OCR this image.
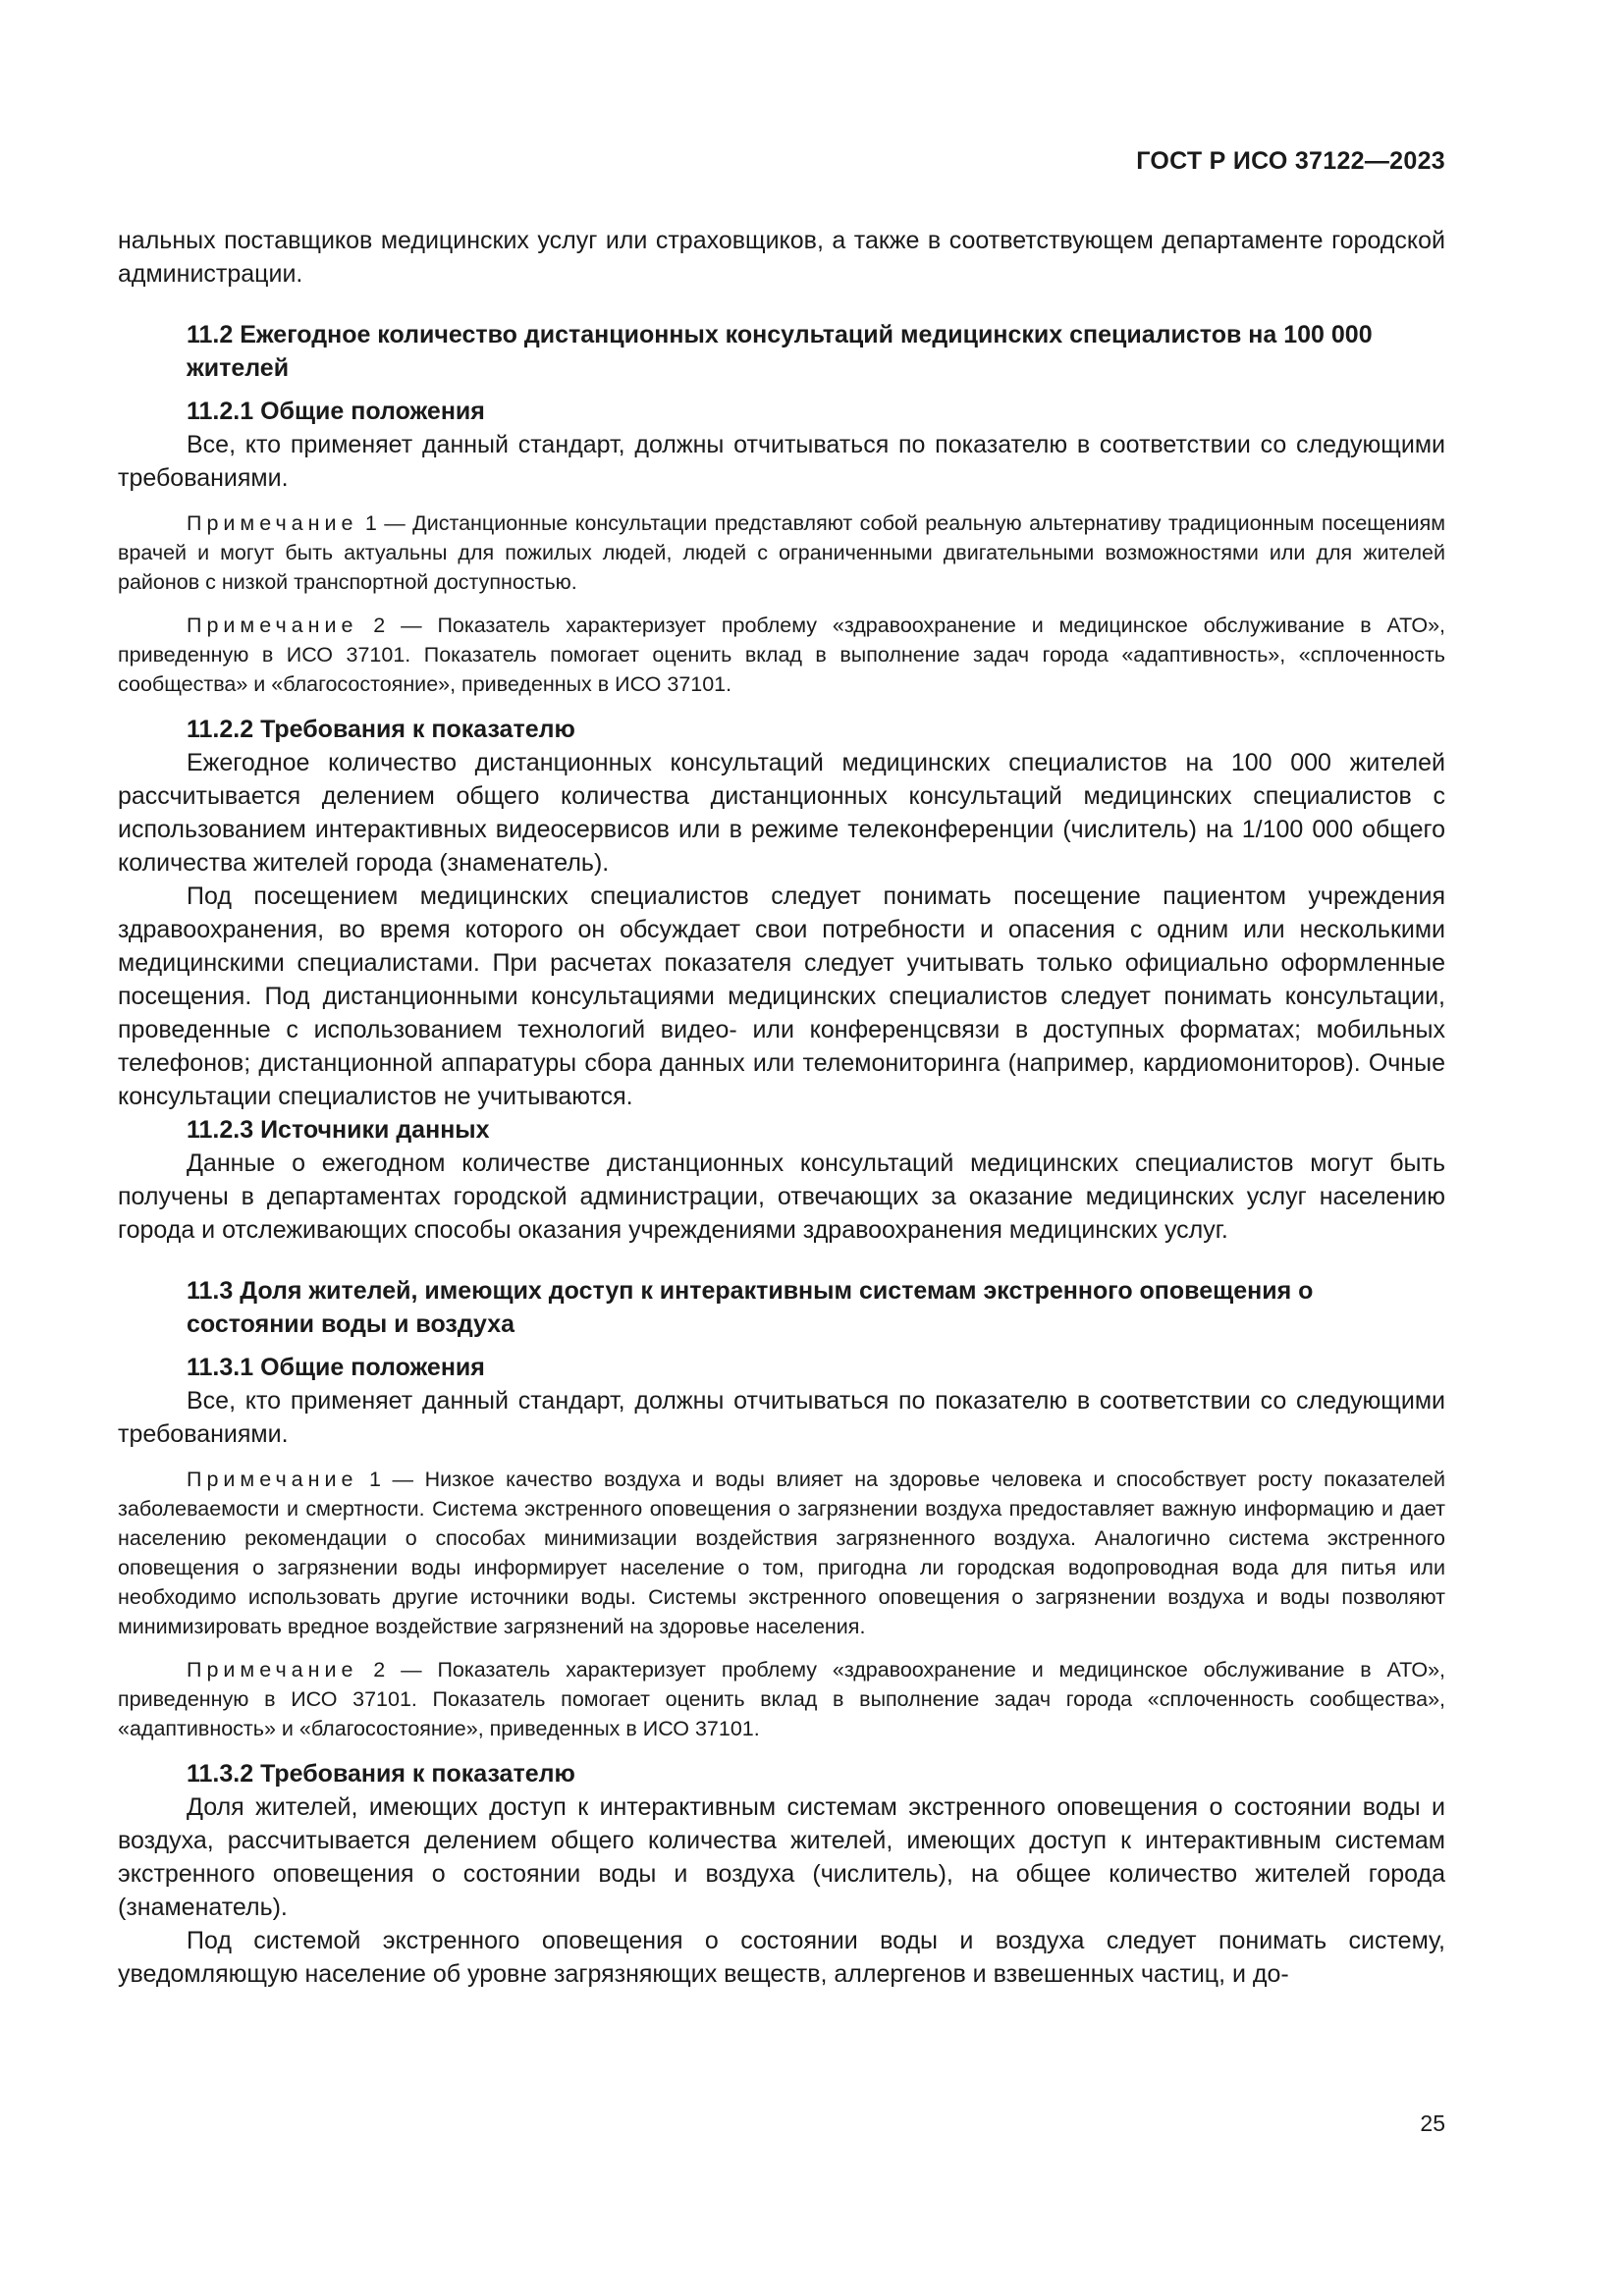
ГОСТ Р ИСО 37122—2023

нальных поставщиков медицинских услуг или страховщиков, а также в соответствующем департаменте городской администрации.

11.2 Ежегодное количество дистанционных консультаций медицинских специалистов на 100 000 жителей
11.2.1 Общие положения

Все, кто применяет данный стандарт, должны отчитываться по показателю в соответствии со следующими требованиями.

Примечание 1 — Дистанционные консультации представляют собой реальную альтернативу традиционным посещениям врачей и могут быть актуальны для пожилых людей, людей с ограниченными двигательными возможностями или для жителей районов с низкой транспортной доступностью.

Примечание 2 — Показатель характеризует проблему «здравоохранение и медицинское обслуживание в АТО», приведенную в ИСО 37101. Показатель помогает оценить вклад в выполнение задач города «адаптивность», «сплоченность сообщества» и «благосостояние», приведенных в ИСО 37101.

11.2.2 Требования к показателю

Ежегодное количество дистанционных консультаций медицинских специалистов на 100 000 жителей рассчитывается делением общего количества дистанционных консультаций медицинских специалистов с использованием интерактивных видеосервисов или в режиме телеконференции (числитель) на 1/100 000 общего количества жителей города (знаменатель).

Под посещением медицинских специалистов следует понимать посещение пациентом учреждения здравоохранения, во время которого он обсуждает свои потребности и опасения с одним или несколькими медицинскими специалистами. При расчетах показателя следует учитывать только официально оформленные посещения. Под дистанционными консультациями медицинских специалистов следует понимать консультации, проведенные с использованием технологий видео- или конференцсвязи в доступных форматах; мобильных телефонов; дистанционной аппаратуры сбора данных или телемониторинга (например, кардиомониторов). Очные консультации специалистов не учитываются.

11.2.3 Источники данных

Данные о ежегодном количестве дистанционных консультаций медицинских специалистов могут быть получены в департаментах городской администрации, отвечающих за оказание медицинских услуг населению города и отслеживающих способы оказания учреждениями здравоохранения медицинских услуг.

11.3 Доля жителей, имеющих доступ к интерактивным системам экстренного оповещения о состоянии воды и воздуха
11.3.1 Общие положения

Все, кто применяет данный стандарт, должны отчитываться по показателю в соответствии со следующими требованиями.

Примечание 1 — Низкое качество воздуха и воды влияет на здоровье человека и способствует росту показателей заболеваемости и смертности. Система экстренного оповещения о загрязнении воздуха предоставляет важную информацию и дает населению рекомендации о способах минимизации воздействия загрязненного воздуха. Аналогично система экстренного оповещения о загрязнении воды информирует население о том, пригодна ли городская водопроводная вода для питья или необходимо использовать другие источники воды. Системы экстренного оповещения о загрязнении воздуха и воды позволяют минимизировать вредное воздействие загрязнений на здоровье населения.

Примечание 2 — Показатель характеризует проблему «здравоохранение и медицинское обслуживание в АТО», приведенную в ИСО 37101. Показатель помогает оценить вклад в выполнение задач города «сплоченность сообщества», «адаптивность» и «благосостояние», приведенных в ИСО 37101.

11.3.2 Требования к показателю

Доля жителей, имеющих доступ к интерактивным системам экстренного оповещения о состоянии воды и воздуха, рассчитывается делением общего количества жителей, имеющих доступ к интерактивным системам экстренного оповещения о состоянии воды и воздуха (числитель), на общее количество жителей города (знаменатель).

Под системой экстренного оповещения о состоянии воды и воздуха следует понимать систему, уведомляющую население об уровне загрязняющих веществ, аллергенов и взвешенных частиц, и до-

25
